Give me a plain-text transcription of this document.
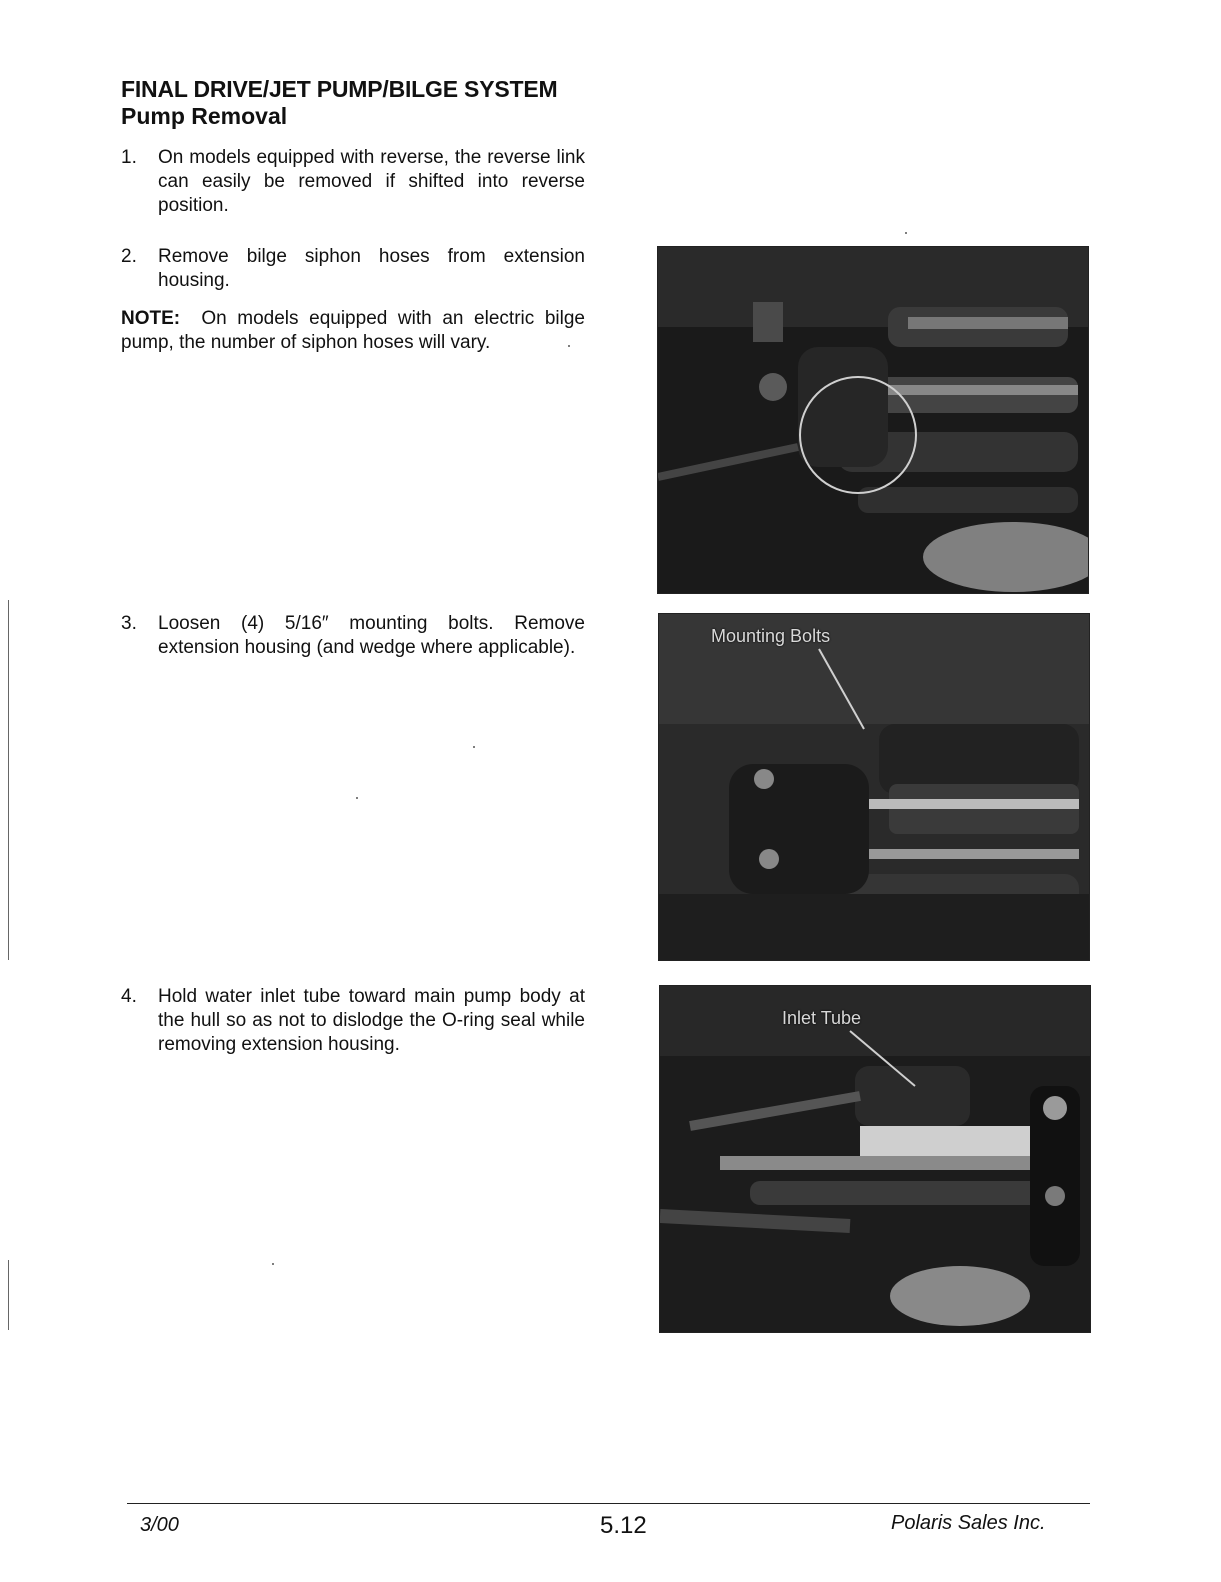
FINAL DRIVE/JET PUMP/BILGE SYSTEM
Pump Removal
1. On models equipped with reverse, the reverse link can easily be removed if shifted into reverse position.
2. Remove bilge siphon hoses from extension housing.
NOTE: On models equipped with an electric bilge pump, the number of siphon hoses will vary.
3. Loosen (4) 5/16″ mounting bolts. Remove extension housing (and wedge where applicable).
4. Hold water inlet tube toward main pump body at the hull so as not to dislodge the O-ring seal while removing extension housing.
Mounting Bolts
Inlet Tube
3/00	5.12	Polaris Sales Inc.
